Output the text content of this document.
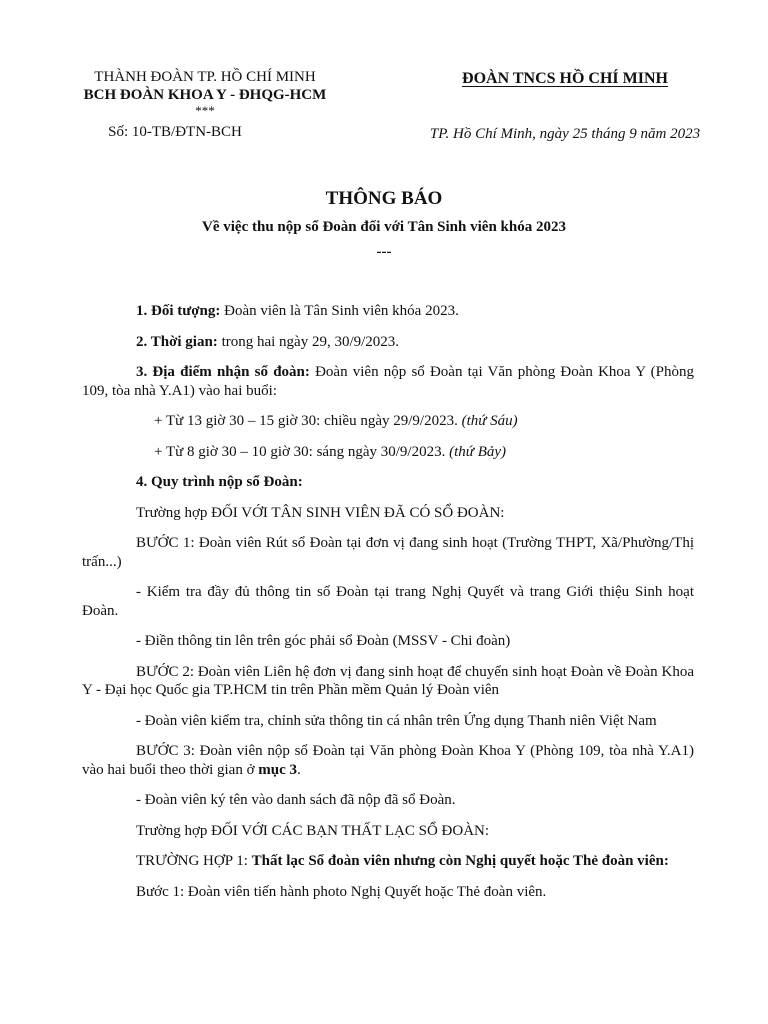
THÀNH ĐOÀN TP. HỒ CHÍ MINH
BCH ĐOÀN KHOA Y - ĐHQG-HCM
***
Số: 10-TB/ĐTN-BCH
ĐOÀN TNCS HỒ CHÍ MINH
TP. Hồ Chí Minh, ngày 25 tháng 9 năm 2023
THÔNG BÁO
Về việc thu nộp sổ Đoàn đối với Tân Sinh viên khóa 2023
---

1. Đối tượng: Đoàn viên là Tân Sinh viên khóa 2023.

2. Thời gian: trong hai ngày 29, 30/9/2023.

3. Địa điểm nhận sổ đoàn: Đoàn viên nộp sổ Đoàn tại Văn phòng Đoàn Khoa Y (Phòng 109, tòa nhà Y.A1) vào hai buổi:

+ Từ 13 giờ 30 – 15 giờ 30: chiều ngày 29/9/2023. (thứ Sáu)

+ Từ 8 giờ 30 – 10 giờ 30: sáng ngày 30/9/2023. (thứ Bảy)

4. Quy trình nộp sổ Đoàn:

Trường hợp ĐỐI VỚI TÂN SINH VIÊN ĐÃ CÓ SỔ ĐOÀN:

BƯỚC 1: Đoàn viên Rút sổ Đoàn tại đơn vị đang sinh hoạt (Trường THPT, Xã/Phường/Thị trấn...)

- Kiểm tra đầy đủ thông tin sổ Đoàn tại trang Nghị Quyết và trang Giới thiệu Sinh hoạt Đoàn.

- Điền thông tin lên trên góc phải sổ Đoàn (MSSV - Chi đoàn)

BƯỚC 2: Đoàn viên Liên hệ đơn vị đang sinh hoạt để chuyển sinh hoạt Đoàn về Đoàn Khoa Y - Đại học Quốc gia TP.HCM tin trên Phần mềm Quản lý Đoàn viên

- Đoàn viên kiểm tra, chỉnh sửa thông tin cá nhân trên Ứng dụng Thanh niên Việt Nam

BƯỚC 3: Đoàn viên nộp sổ Đoàn tại Văn phòng Đoàn Khoa Y (Phòng 109, tòa nhà Y.A1) vào hai buổi theo thời gian ở mục 3.

- Đoàn viên ký tên vào danh sách đã nộp đã sổ Đoàn.

Trường hợp ĐỐI VỚI CÁC BẠN THẤT LẠC SỔ ĐOÀN:

TRƯỜNG HỢP 1: Thất lạc Sổ đoàn viên nhưng còn Nghị quyết hoặc Thẻ đoàn viên:

Bước 1: Đoàn viên tiến hành photo Nghị Quyết hoặc Thẻ đoàn viên.
